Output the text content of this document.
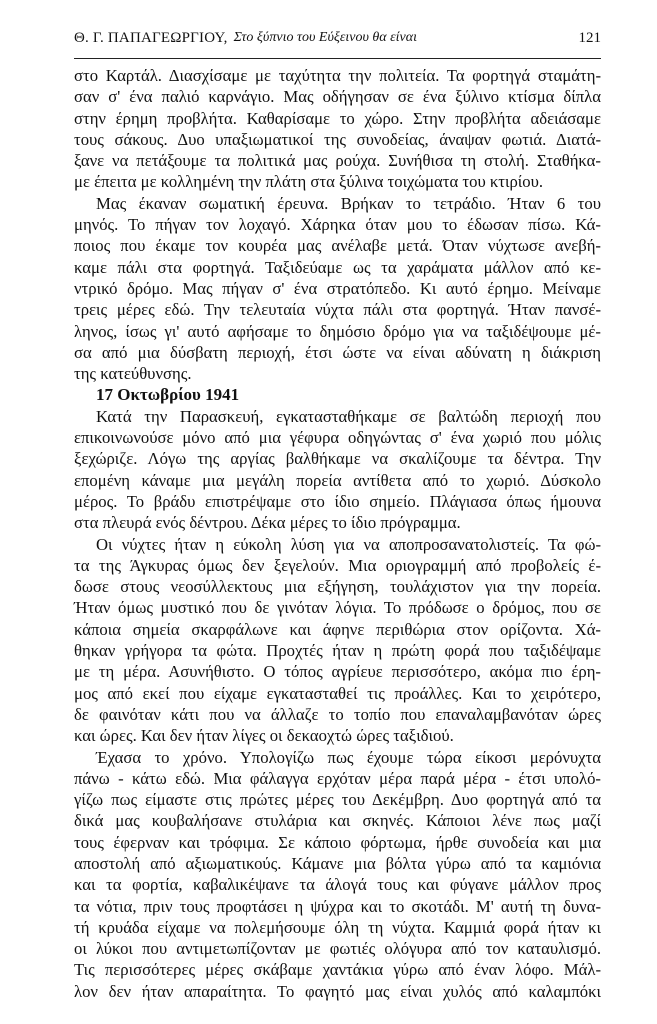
Θ. Γ. ΠΑΠΑΓΕΩΡΓΙΟΥ, Στο ξύπνιο του Εύξεινου θα είναι	121

στο Καρτάλ. Διασχίσαμε με ταχύτητα την πολιτεία. Τα φορτηγά σταμάτη-
σαν σ' ένα παλιό καρνάγιο. Μας οδήγησαν σε ένα ξύλινο κτίσμα δίπλα
στην έρημη προβλήτα. Καθαρίσαμε το χώρο. Στην προβλήτα αδειάσαμε
τους σάκους. Δυο υπαξιωματικοί της συνοδείας, άναψαν φωτιά. Διατά-
ξανε να πετάξουμε τα πολιτικά μας ρούχα. Συνήθισα τη στολή. Σταθήκα-
με έπειτα με κολλημένη την πλάτη στα ξύλινα τοιχώματα του κτιρίου.

Μας έκαναν σωματική έρευνα. Βρήκαν το τετράδιο. Ήταν 6 του
μηνός. Το πήγαν τον λοχαγό. Χάρηκα όταν μου το έδωσαν πίσω. Κά-
ποιος που έκαμε τον κουρέα μας ανέλαβε μετά. Όταν νύχτωσε ανεβή-
καμε πάλι στα φορτηγά. Ταξιδεύαμε ως τα χαράματα μάλλον από κε-
ντρικό δρόμο. Μας πήγαν σ' ένα στρατόπεδο. Κι αυτό έρημο. Μείναμε
τρεις μέρες εδώ. Την τελευταία νύχτα πάλι στα φορτηγά. Ήταν πανσέ-
ληνος, ίσως γι' αυτό αφήσαμε το δημόσιο δρόμο για να ταξιδέψουμε μέ-
σα από μια δύσβατη περιοχή, έτσι ώστε να είναι αδύνατη η διάκριση
της κατεύθυνσης.

17 Οκτωβρίου 1941

Κατά την Παρασκευή, εγκατασταθήκαμε σε βαλτώδη περιοχή που
επικοινωνούσε μόνο από μια γέφυρα οδηγώντας σ' ένα χωριό που μόλις
ξεχώριζε. Λόγω της αργίας βαλθήκαμε να σκαλίζουμε τα δέντρα. Την
επομένη κάναμε μια μεγάλη πορεία αντίθετα από το χωριό. Δύσκολο
μέρος. Το βράδυ επιστρέψαμε στο ίδιο σημείο. Πλάγιασα όπως ήμουνα
στα πλευρά ενός δέντρου. Δέκα μέρες το ίδιο πρόγραμμα.

Οι νύχτες ήταν η εύκολη λύση για να αποπροσανατολιστείς. Τα φώ-
τα της Άγκυρας όμως δεν ξεγελούν. Μια οριογραμμή από προβολείς έ-
δωσε στους νεοσύλλεκτους μια εξήγηση, τουλάχιστον για την πορεία.
Ήταν όμως μυστικό που δε γινόταν λόγια. Το πρόδωσε ο δρόμος, που σε
κάποια σημεία σκαρφάλωνε και άφηνε περιθώρια στον ορίζοντα. Χά-
θηκαν γρήγορα τα φώτα. Προχτές ήταν η πρώτη φορά που ταξιδέψαμε
με τη μέρα. Ασυνήθιστο. Ο τόπος αγρίευε περισσότερο, ακόμα πιο έρη-
μος από εκεί που είχαμε εγκατασταθεί τις προάλλες. Και το χειρότερο,
δε φαινόταν κάτι που να άλλαζε το τοπίο που επαναλαμβανόταν ώρες
και ώρες. Και δεν ήταν λίγες οι δεκαοχτώ ώρες ταξιδιού.

Έχασα το χρόνο. Υπολογίζω πως έχουμε τώρα είκοσι μερόνυχτα
πάνω - κάτω εδώ. Μια φάλαγγα ερχόταν μέρα παρά μέρα - έτσι υπολό-
γίζω πως είμαστε στις πρώτες μέρες του Δεκέμβρη. Δυο φορτηγά από τα
δικά μας κουβαλήσανε στυλάρια και σκηνές. Κάποιοι λένε πως μαζί
τους έφερναν και τρόφιμα. Σε κάποιο φόρτωμα, ήρθε συνοδεία και μια
αποστολή από αξιωματικούς. Κάμανε μια βόλτα γύρω από τα καμιόνια
και τα φορτία, καβαλικέψανε τα άλογά τους και φύγανε μάλλον προς
τα νότια, πριν τους προφτάσει η ψύχρα και το σκοτάδι. Μ' αυτή τη δυνα-
τή κρυάδα είχαμε να πολεμήσουμε όλη τη νύχτα. Καμμιά φορά ήταν κι
οι λύκοι που αντιμετωπίζονταν με φωτιές ολόγυρα από τον καταυλισμό.
Τις περισσότερες μέρες σκάβαμε χαντάκια γύρω από έναν λόφο. Μάλ-
λον δεν ήταν απαραίτητα. Το φαγητό μας είναι χυλός από καλαμπόκι
